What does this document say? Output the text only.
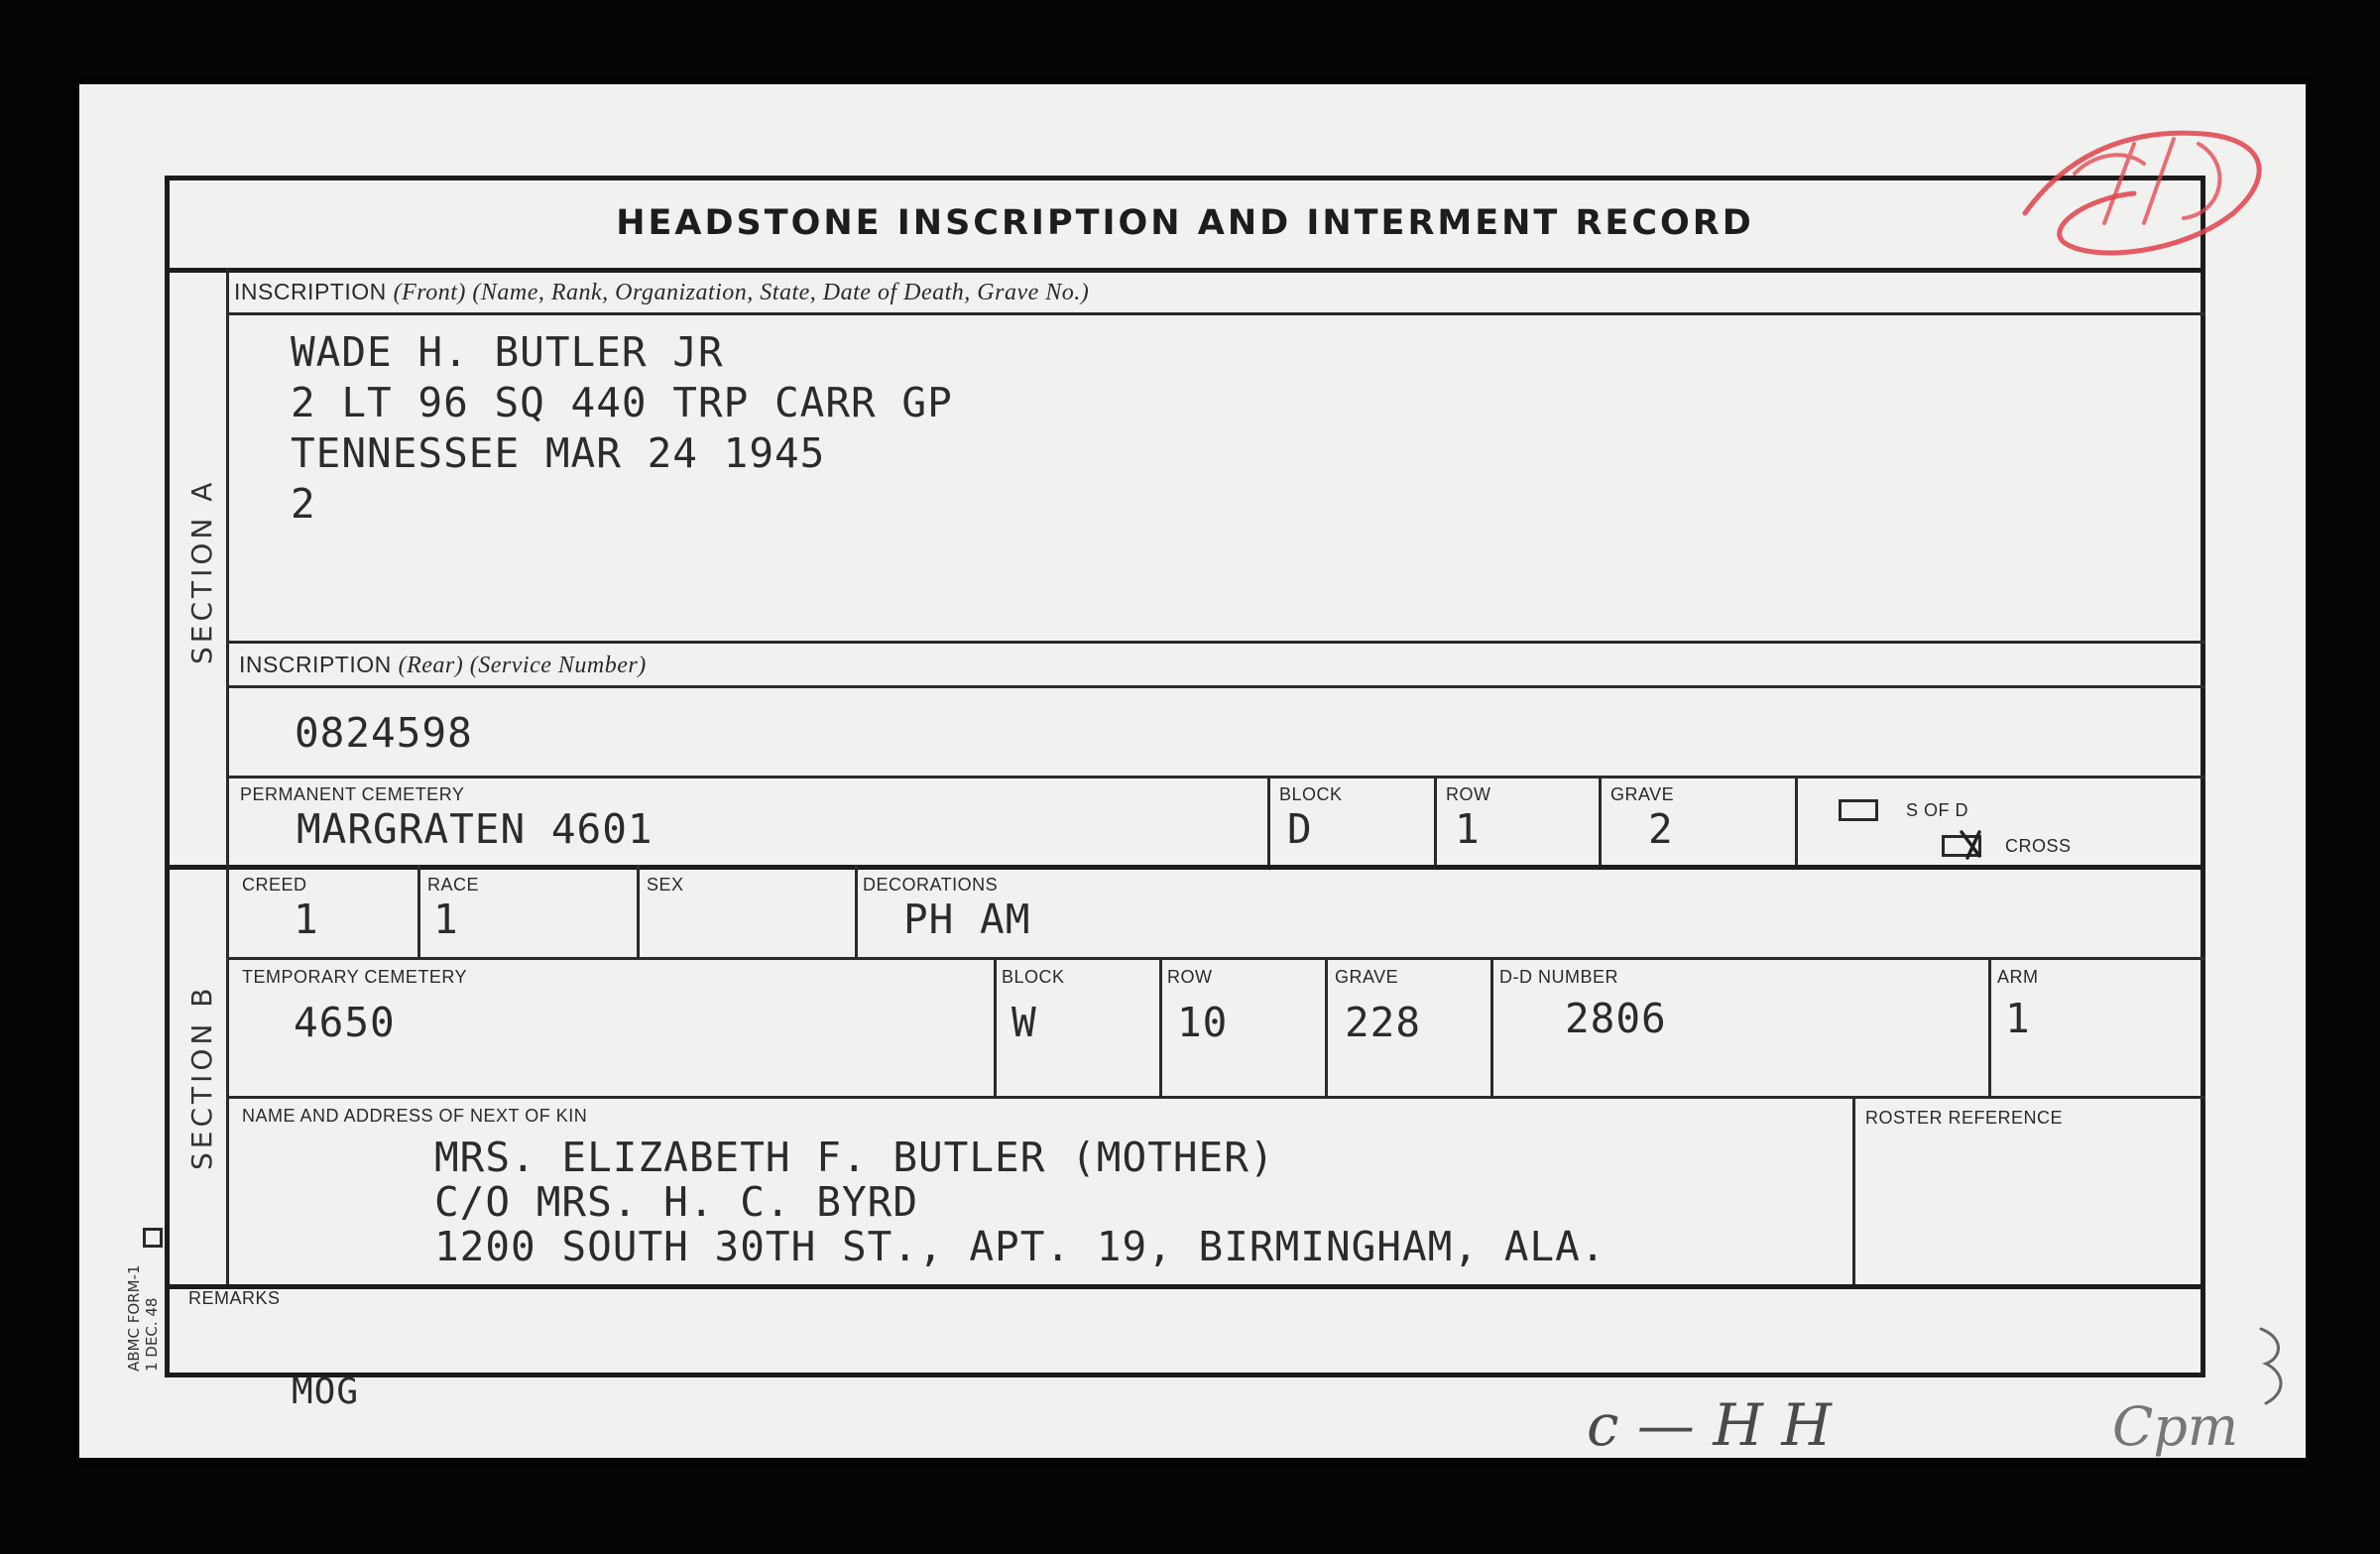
HEADSTONE INSCRIPTION AND INTERMENT RECORD
SECTION A
SECTION B
ABMC FORM-1 1 DEC. 48
INSCRIPTION (Front) (Name, Rank, Organization, State, Date of Death, Grave No.)
WADE H. BUTLER JR
2 LT 96 SQ 440 TRP CARR GP
TENNESSEE MAR 24 1945
2
INSCRIPTION (Rear) (Service Number)
0824598
PERMANENT CEMETERY
MARGRATEN 4601
BLOCK
D
ROW
1
GRAVE
2	S OF D
CROSS
CREED
1
RACE
1
SEX	DECORATIONS
PH AM
TEMPORARY CEMETERY
4650
BLOCK
W
ROW
10
GRAVE
228
D-D NUMBER
2806
ARM
1
NAME AND ADDRESS OF NEXT OF KIN
MRS. ELIZABETH F. BUTLER (MOTHER)
C/O MRS. H. C. BYRD
1200 SOUTH 30TH ST., APT. 19, BIRMINGHAM, ALA.
ROSTER REFERENCE
REMARKS
MOG	c — H H	Cpm
